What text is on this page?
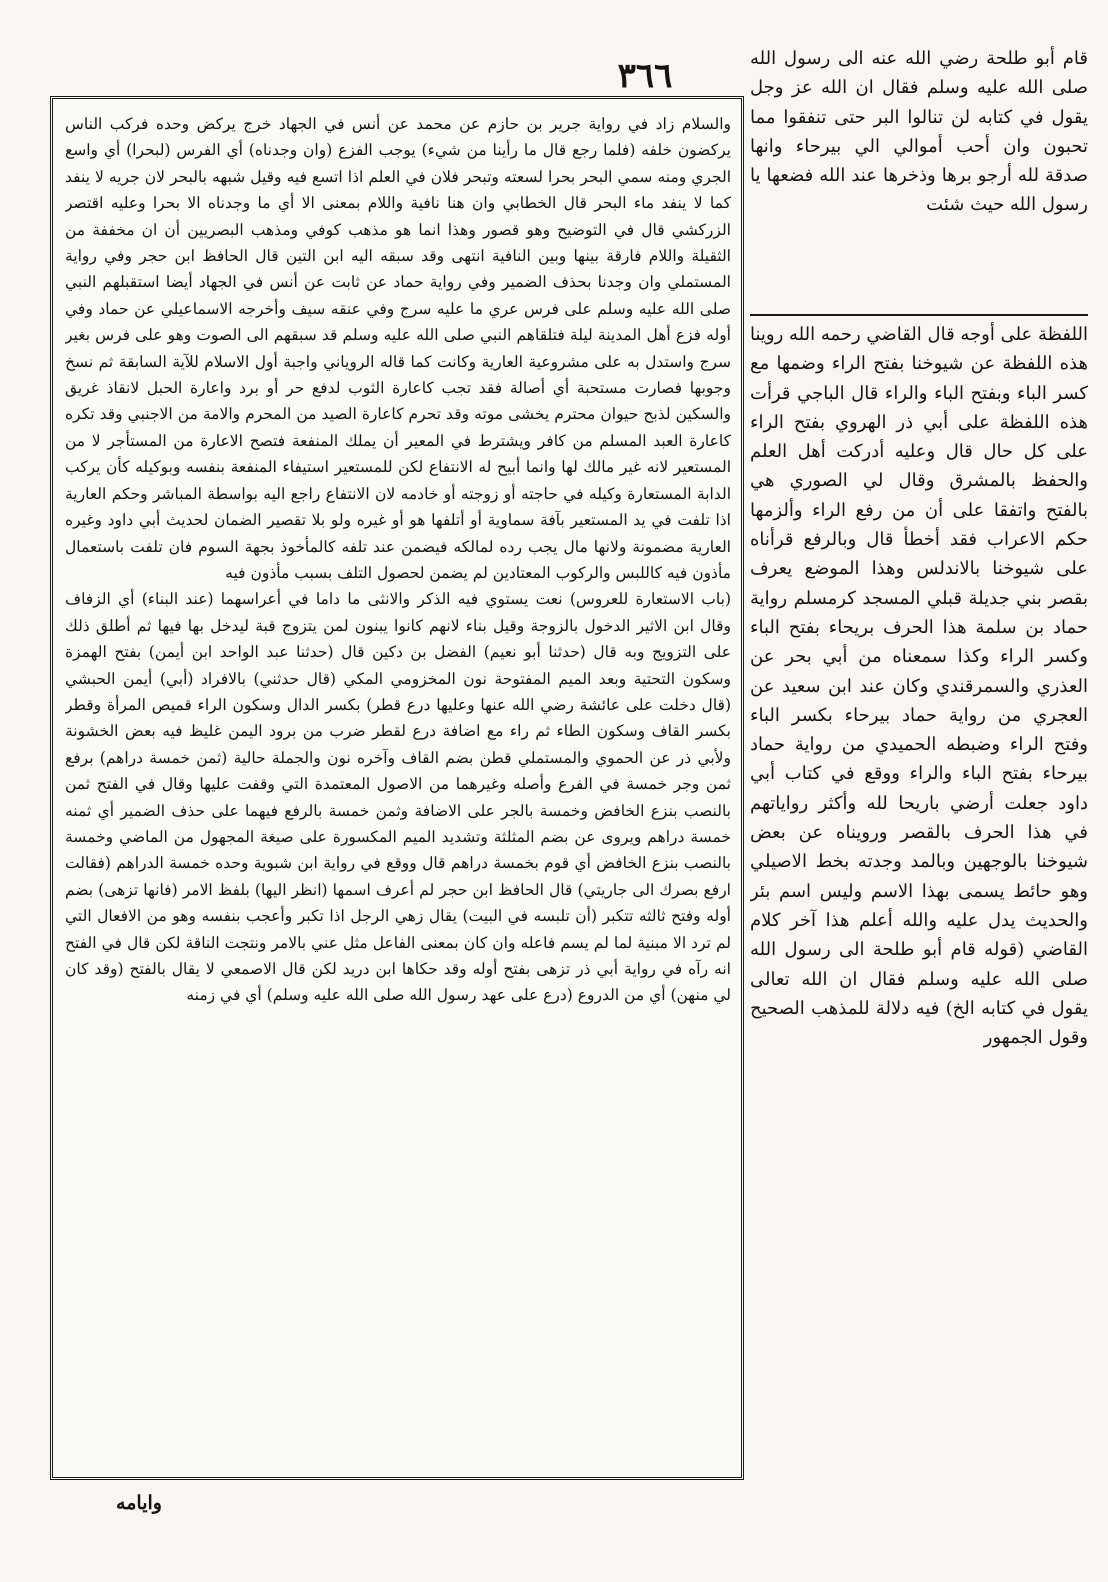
٣٦٦	قام أبو طلحة رضي الله عنه الى رسول الله صلى الله عليه وسلم فقال ان الله عز وجل يقول في كتابه لن تنالوا البر حتى تنفقوا مما تحبون وان أحب أموالي الي بيرحاء وانها صدقة لله أرجو برها وذخرها عند الله فضعها يا رسول الله حيث شئت

اللفظة على أوجه قال القاضي رحمه الله روينا هذه اللفظة عن شيوخنا بفتح الراء وضمها مع كسر الباء وبفتح الباء والراء قال الباجي قرأت هذه اللفظة على أبي ذر الهروي بفتح الراء على كل حال قال وعليه أدركت أهل العلم والحفظ بالمشرق وقال لي الصوري هي بالفتح واتفقا على أن من رفع الراء وألزمها حكم الاعراب فقد أخطأ قال وبالرفع قرأناه على شيوخنا بالاندلس وهذا الموضع يعرف بقصر بني جديلة قبلي المسجد كرمسلم رواية حماد بن سلمة هذا الحرف بريحاء بفتح الباء وكسر الراء وكذا سمعناه من أبي بحر عن العذري والسمرقندي وكان عند ابن سعيد عن العجري من رواية حماد بيرحاء بكسر الباء وفتح الراء وضبطه الحميدي من رواية حماد بيرحاء بفتح الباء والراء ووقع في كتاب أبي داود جعلت أرضي باريحا لله وأكثر رواياتهم في هذا الحرف بالقصر ورويناه عن بعض شيوخنا بالوجهين وبالمد وجدته بخط الاصيلي وهو حائط يسمى بهذا الاسم وليس اسم بئر والحديث يدل عليه والله أعلم هذا آخر كلام القاضي (قوله قام أبو طلحة الى رسول الله صلى الله عليه وسلم فقال ان الله تعالى يقول في كتابه الخ) فيه دلالة للمذهب الصحيح وقول الجمهور

والسلام زاد في رواية جرير بن حازم عن محمد عن أنس في الجهاد خرج يركض وحده فركب الناس يركضون خلفه (فلما رجع قال ما رأينا من شيء) يوجب الفزع (وان وجدناه) أي الفرس (لبحرا) أي واسع الجري ومنه سمي البحر بحرا لسعته وتبحر فلان في العلم اذا اتسع فيه وقيل شبهه بالبحر لان جريه لا ينفد كما لا ينفد ماء البحر قال الخطابي وان هنا نافية واللام بمعنى الا أي ما وجدناه الا بحرا وعليه اقتصر الزركشي قال في التوضيح وهو قصور وهذا انما هو مذهب كوفي ومذهب البصريين أن ان مخففة من الثقيلة واللام فارقة بينها وبين النافية انتهى وقد سبقه اليه ابن التين قال الحافظ ابن حجر وفي رواية المستملي وان وجدنا بحذف الضمير وفي رواية حماد عن ثابت عن أنس في الجهاد أيضا استقبلهم النبي صلى الله عليه وسلم على فرس عري ما عليه سرج وفي عنقه سيف وأخرجه الاسماعيلي عن حماد وفي أوله فزع أهل المدينة ليلة فتلقاهم النبي صلى الله عليه وسلم قد سبقهم الى الصوت وهو على فرس بغير سرج واستدل به على مشروعية العارية وكانت كما قاله الروياني واجبة أول الاسلام للآية السابقة ثم نسخ وجوبها فصارت مستحبة أي أصالة فقد تجب كاعارة الثوب لدفع حر أو برد واعارة الحبل لانقاذ غريق والسكين لذبح حيوان محترم يخشى موته وقد تحرم كاعارة الصيد من المحرم والامة من الاجنبي وقد تكره كاعارة العبد المسلم من كافر ويشترط في المعير أن يملك المنفعة فتصح الاعارة من المستأجر لا من المستعير لانه غير مالك لها وانما أبيح له الانتفاع لكن للمستعير استيفاء المنفعة بنفسه وبوكيله كأن يركب الدابة المستعارة وكيله في حاجته أو زوجته أو خادمه لان الانتفاع راجع اليه بواسطة المباشر وحكم العارية اذا تلفت في يد المستعير بآفة سماوية أو أتلفها هو أو غيره ولو بلا تقصير الضمان لحديث أبي داود وغيره العارية مضمونة ولانها مال يجب رده لمالكه فيضمن عند تلفه كالمأخوذ بجهة السوم فان تلفت باستعمال مأذون فيه كاللبس والركوب المعتادين لم يضمن لحصول التلف بسبب مأذون فيه

(باب الاستعارة للعروس) نعت يستوي فيه الذكر والانثى ما داما في أعراسهما (عند البناء) أي الزفاف وقال ابن الاثير الدخول بالزوجة وقيل بناء لانهم كانوا يبنون لمن يتزوج قبة ليدخل بها فيها ثم أطلق ذلك على التزويج وبه قال (حدثنا أبو نعيم) الفضل بن دكين قال (حدثنا عبد الواحد ابن أيمن) بفتح الهمزة وسكون التحتية وبعد الميم المفتوحة نون المخزومي المكي (قال حدثني) بالافراد (أبي) أيمن الحبشي (قال دخلت على عائشة رضي الله عنها وعليها درع قطر) بكسر الدال وسكون الراء قميص المرأة وقطر بكسر القاف وسكون الطاء ثم راء مع اضافة درع لقطر ضرب من برود اليمن غليظ فيه بعض الخشونة ولأبي ذر عن الحموي والمستملي قطن بضم القاف وآخره نون والجملة حالية (ثمن خمسة دراهم) برفع ثمن وجر خمسة في الفرع وأصله وغيرهما من الاصول المعتمدة التي وقفت عليها وقال في الفتح ثمن بالنصب بنزع الخافض وخمسة بالجر على الاضافة وثمن خمسة بالرفع فيهما على حذف الضمير أي ثمنه خمسة دراهم ويروى عن بضم المثلثة وتشديد الميم المكسورة على صيغة المجهول من الماضي وخمسة بالنصب بنزع الخافض أي قوم بخمسة دراهم قال ووقع في رواية ابن شبوية وحده خمسة الدراهم (فقالت ارفع بصرك الى جاريتي) قال الحافظ ابن حجر لم أعرف اسمها (انظر اليها) بلفظ الامر (فانها تزهى) بضم أوله وفتح ثالثه تتكبر (أن تلبسه في البيت) يقال زهي الرجل اذا تكبر وأعجب بنفسه وهو من الافعال التي لم ترد الا مبنية لما لم يسم فاعله وان كان بمعنى الفاعل مثل عني بالامر ونتجت الناقة لكن قال في الفتح انه رآه في رواية أبي ذر تزهى بفتح أوله وقد حكاها ابن دريد لكن قال الاصمعي لا يقال بالفتح (وقد كان لي منهن) أي من الدروع (درع على عهد رسول الله صلى الله عليه وسلم) أي في زمنه

وايامه
